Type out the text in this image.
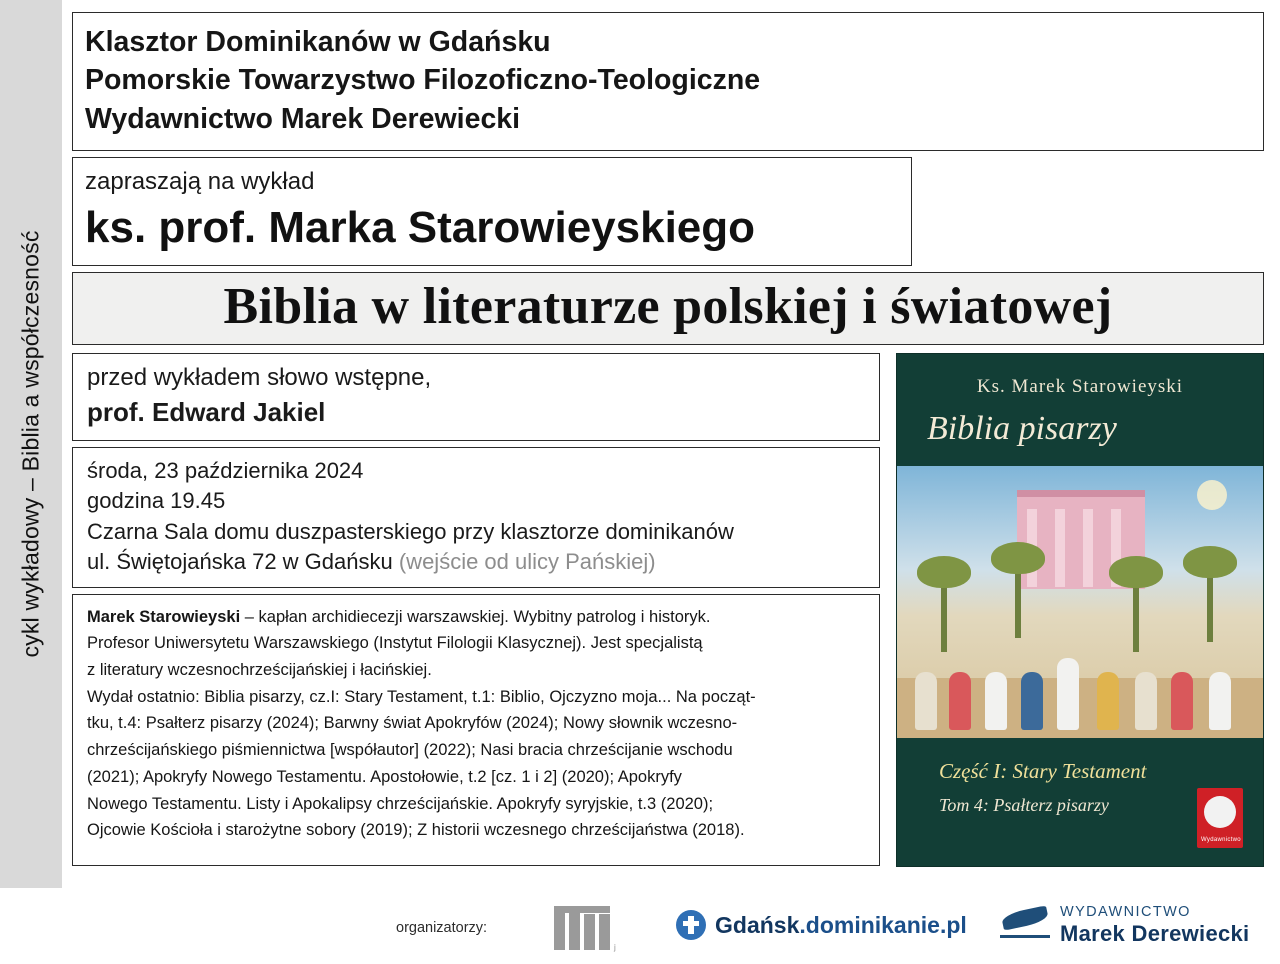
cykl wykładowy – Biblia a współczesność
Klasztor Dominikanów w Gdańsku
Pomorskie Towarzystwo Filozoficzno-Teologiczne
Wydawnictwo Marek Derewiecki
zapraszają na wykład
ks. prof. Marka Starowieyskiego
Biblia w literaturze polskiej i światowej
przed wykładem słowo wstępne,
prof. Edward Jakiel
środa, 23 października 2024
godzina 19.45
Czarna Sala domu duszpasterskiego przy klasztorze dominikanów
ul. Świętojańska 72 w Gdańsku (wejście od ulicy Pańskiej)

Marek Starowieyski – kapłan archidiecezji warszawskiej. Wybitny patrolog i historyk.

Profesor Uniwersytetu Warszawskiego (Instytut Filologii Klasycznej). Jest specjalistą

z literatury wczesnochrześcijańskiej i łacińskiej.

Wydał ostatnio: Biblia pisarzy, cz.I: Stary Testament, t.1: Biblio, Ojczyzno moja... Na począt-

tku, t.4: Psałterz pisarzy (2024); Barwny świat Apokryfów (2024); Nowy słownik wczesno-

chrześcijańskiego piśmiennictwa [współautor] (2022); Nasi bracia chrześcijanie wschodu

(2021); Apokryfy Nowego Testamentu. Apostołowie, t.2 [cz. 1 i 2] (2020); Apokryfy

Nowego Testamentu. Listy i Apokalipsy chrześcijańskie. Apokryfy syryjskie, t.3 (2020);

Ojcowie Kościoła i starożytne sobory (2019); Z historii wczesnego chrześcijaństwa (2018).

Ks. Marek Starowieyski
Biblia pisarzy
Część I: Stary Testament
Tom 4: Psałterz pisarzy
Wydawnictwo
organizatorzy:
j
Gdańsk.dominikanie.pl	WYDAWNICTWO
Marek Derewiecki
